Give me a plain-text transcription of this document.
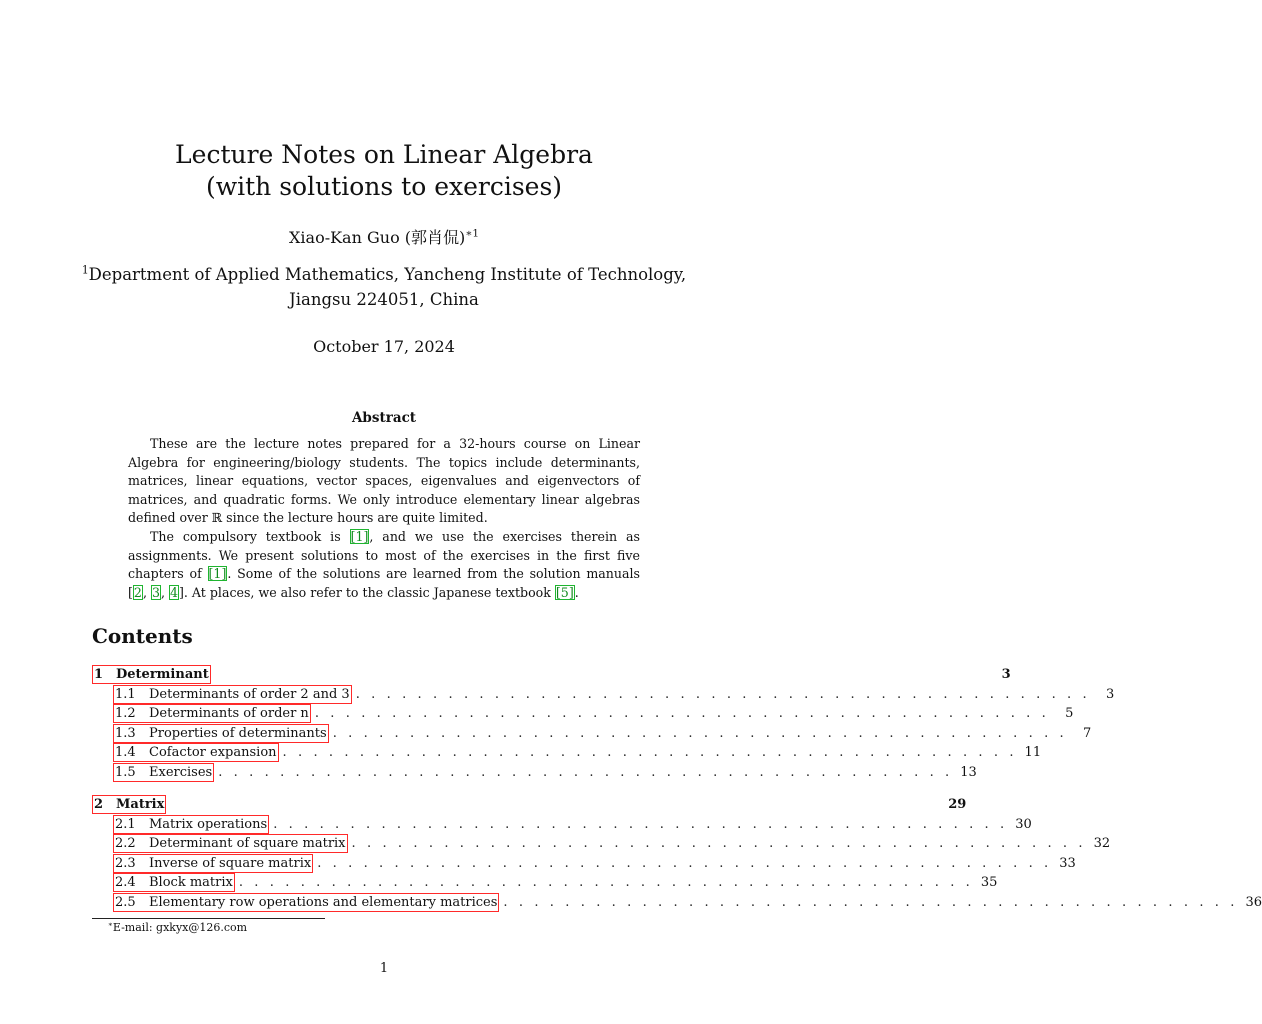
Lecture Notes on Linear Algebra
(with solutions to exercises)
Xiao-Kan Guo (郭肖侃)$^{∗1}$
$^1$Department of Applied Mathematics, Yancheng Institute of Technology,
Jiangsu 224051, China
October 17, 2024
Abstract

These are the lecture notes prepared for a 32-hours course on Linear Algebra for engineering/biology students. The topics include determinants, matrices, linear equations, vector spaces, eigenvalues and eigenvectors of matrices, and quadratic forms. We only introduce elementary linear algebras defined over ℝ since the lecture hours are quite limited.

The compulsory textbook is [1], and we use the exercises therein as assignments. We present solutions to most of the exercises in the first five chapters of [1]. Some of the solutions are learned from the solution manuals [2, 3, 4]. At places, we also refer to the classic Japanese textbook [5].

Contents
1 Determinant	3
1.1 Determinants of order 2 and 3 . . . . . . . . . . . . . . . . . . . . . . . . . . . . . . . . . . . . . . . . . . . . . . . .	3
1.2 Determinants of order n . . . . . . . . . . . . . . . . . . . . . . . . . . . . . . . . . . . . . . . . . . . . . . . .	5
1.3 Properties of determinants . . . . . . . . . . . . . . . . . . . . . . . . . . . . . . . . . . . . . . . . . . . . . . . .	7
1.4 Cofactor expansion . . . . . . . . . . . . . . . . . . . . . . . . . . . . . . . . . . . . . . . . . . . . . . . . 11
1.5 Exercises . . . . . . . . . . . . . . . . . . . . . . . . . . . . . . . . . . . . . . . . . . . . . . . . 13
2 Matrix	29
2.1 Matrix operations . . . . . . . . . . . . . . . . . . . . . . . . . . . . . . . . . . . . . . . . . . . . . . . . 30
2.2 Determinant of square matrix . . . . . . . . . . . . . . . . . . . . . . . . . . . . . . . . . . . . . . . . . . . . . . . . 32
2.3 Inverse of square matrix . . . . . . . . . . . . . . . . . . . . . . . . . . . . . . . . . . . . . . . . . . . . . . . . 33
2.4 Block matrix . . . . . . . . . . . . . . . . . . . . . . . . . . . . . . . . . . . . . . . . . . . . . . . . 35
2.5 Elementary row operations and elementary matrices . . . . . . . . . . . . . . . . . . . . . . . . . . . . . . . . . . . . . . . . . . . . . . . . 36
∗E-mail: gxkyx@126.com
1
